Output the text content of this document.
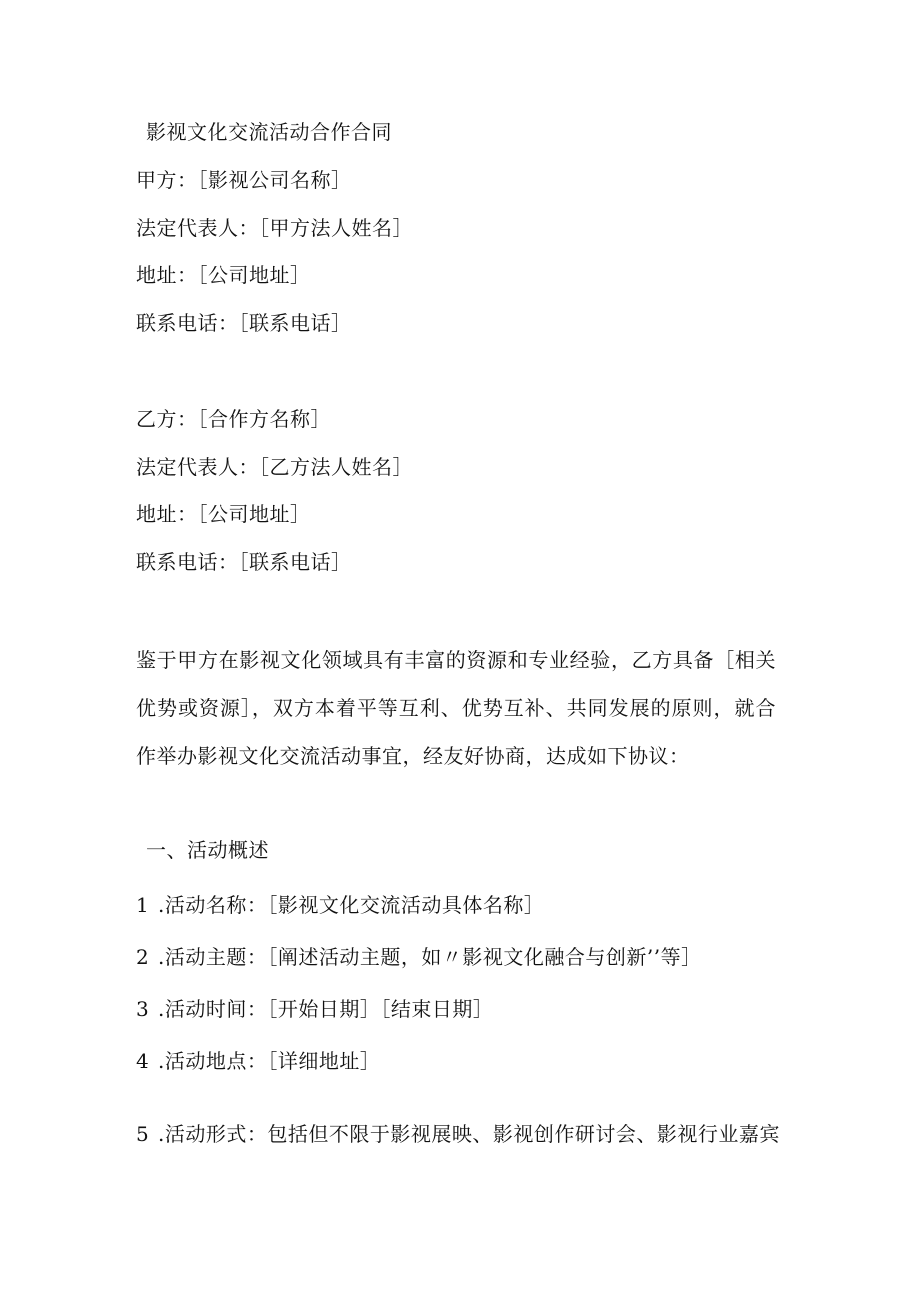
影视文化交流活动合作合同
甲方：［影视公司名称］
法定代表人：［甲方法人姓名］
地址：［公司地址］
联系电话：［联系电话］
乙方：［合作方名称］
法定代表人：［乙方法人姓名］
地址：［公司地址］
联系电话：［联系电话］
鉴于甲方在影视文化领域具有丰富的资源和专业经验，乙方具备［相关优势或资源］，双方本着平等互利、优势互补、共同发展的原则，就合作举办影视文化交流活动事宜，经友好协商，达成如下协议：
一、活动概述
1 .活动名称：［影视文化交流活动具体名称］
2 .活动主题：［阐述活动主题，如〃影视文化融合与创新’’等］
3 .活动时间：［开始日期］［结束日期］
4 .活动地点：［详细地址］
5 .活动形式：包括但不限于影视展映、影视创作研讨会、影视行业嘉宾
